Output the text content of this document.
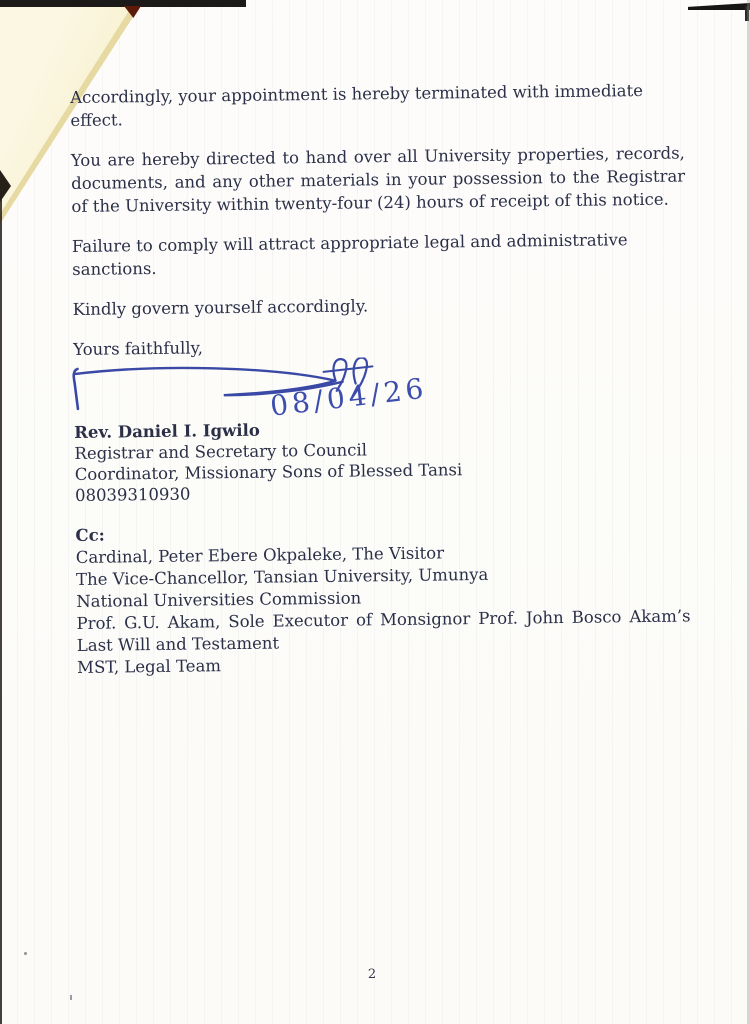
Accordingly, your appointment is hereby terminated with immediate effect.

You are hereby directed to hand over all University properties, records, documents, and any other materials in your possession to the Registrar of the University within twenty-four (24) hours of receipt of this notice.

Failure to comply will attract appropriate legal and administrative sanctions.

Kindly govern yourself accordingly.

Yours faithfully,

08/04/26
Rev. Daniel I. Igwilo
Registrar and Secretary to Council
Coordinator, Missionary Sons of Blessed Tansi
08039310930
Cc:
Cardinal, Peter Ebere Okpaleke, The Visitor
The Vice-Chancellor, Tansian University, Umunya
National Universities Commission
Prof. G.U. Akam, Sole Executor of Monsignor Prof. John Bosco Akam’s Last Will and Testament
MST, Legal Team
2
